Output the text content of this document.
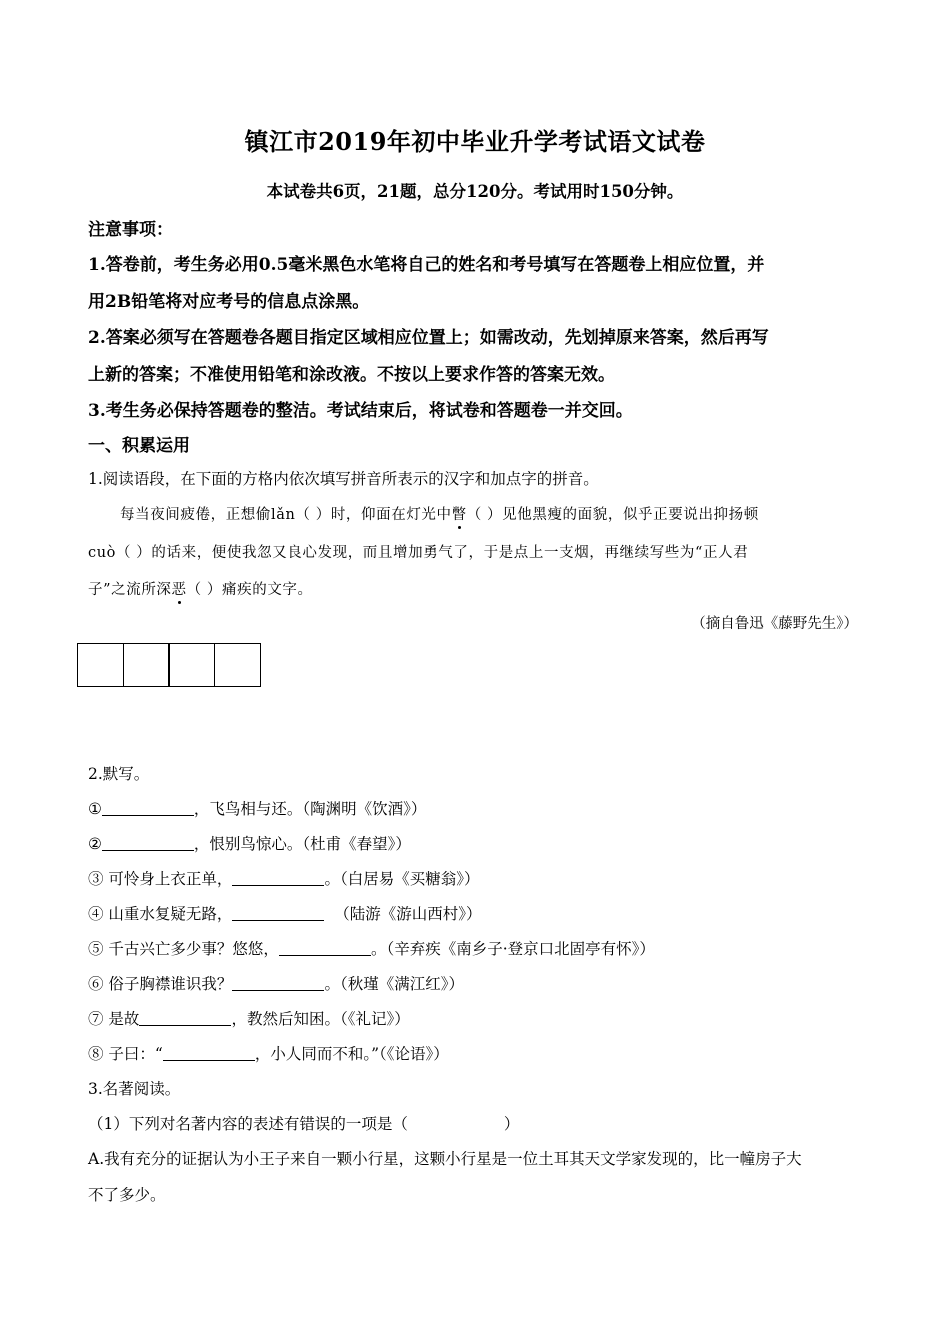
镇江市2019年初中毕业升学考试语文试卷
本试卷共6页，21题，总分120分。考试用时150分钟。
注意事项：
1.答卷前，考生务必用0.5毫米黑色水笔将自己的姓名和考号填写在答题卷上相应位置，并
用2B铅笔将对应考号的信息点涂黑。
2.答案必须写在答题卷各题目指定区域相应位置上；如需改动，先划掉原来答案，然后再写
上新的答案；不准使用铅笔和涂改液。不按以上要求作答的答案无效。
3.考生务必保持答题卷的整洁。考试结束后，将试卷和答题卷一并交回。
一、积累运用
1.阅读语段，在下面的方格内依次填写拼音所表示的汉字和加点字的拼音。
每当夜间疲倦，正想偷lǎn（ ）时，仰面在灯光中瞥（ ）见他黑瘦的面貌，似乎正要说出抑扬顿
cuò（ ）的话来，便使我忽又良心发现，而且增加勇气了，于是点上一支烟，再继续写些为“正人君
子”之流所深恶（ ）痛疾的文字。
（摘自鲁迅《藤野先生》）
2.默写。
①	，飞鸟相与还。（陶渊明《饮酒》）
②	，恨别鸟惊心。（杜甫《春望》）
③ 可怜身上衣正单，	。（白居易《买糖翁》）
④ 山重水复疑无路，	（陆游《游山西村》）
⑤ 千古兴亡多少事？悠悠，	。（辛弃疾《南乡子·登京口北固亭有怀》）
⑥ 俗子胸襟谁识我？	。（秋瑾《满江红》）
⑦ 是故	，教然后知困。（《礼记》）
⑧ 子曰：“	，小人同而不和。”（《论语》）
3.名著阅读。
（1）下列对名著内容的表述有错误的一项是（	）
A.我有充分的证据认为小王子来自一颗小行星，这颗小行星是一位土耳其天文学家发现的，比一幢房子大
不了多少。
